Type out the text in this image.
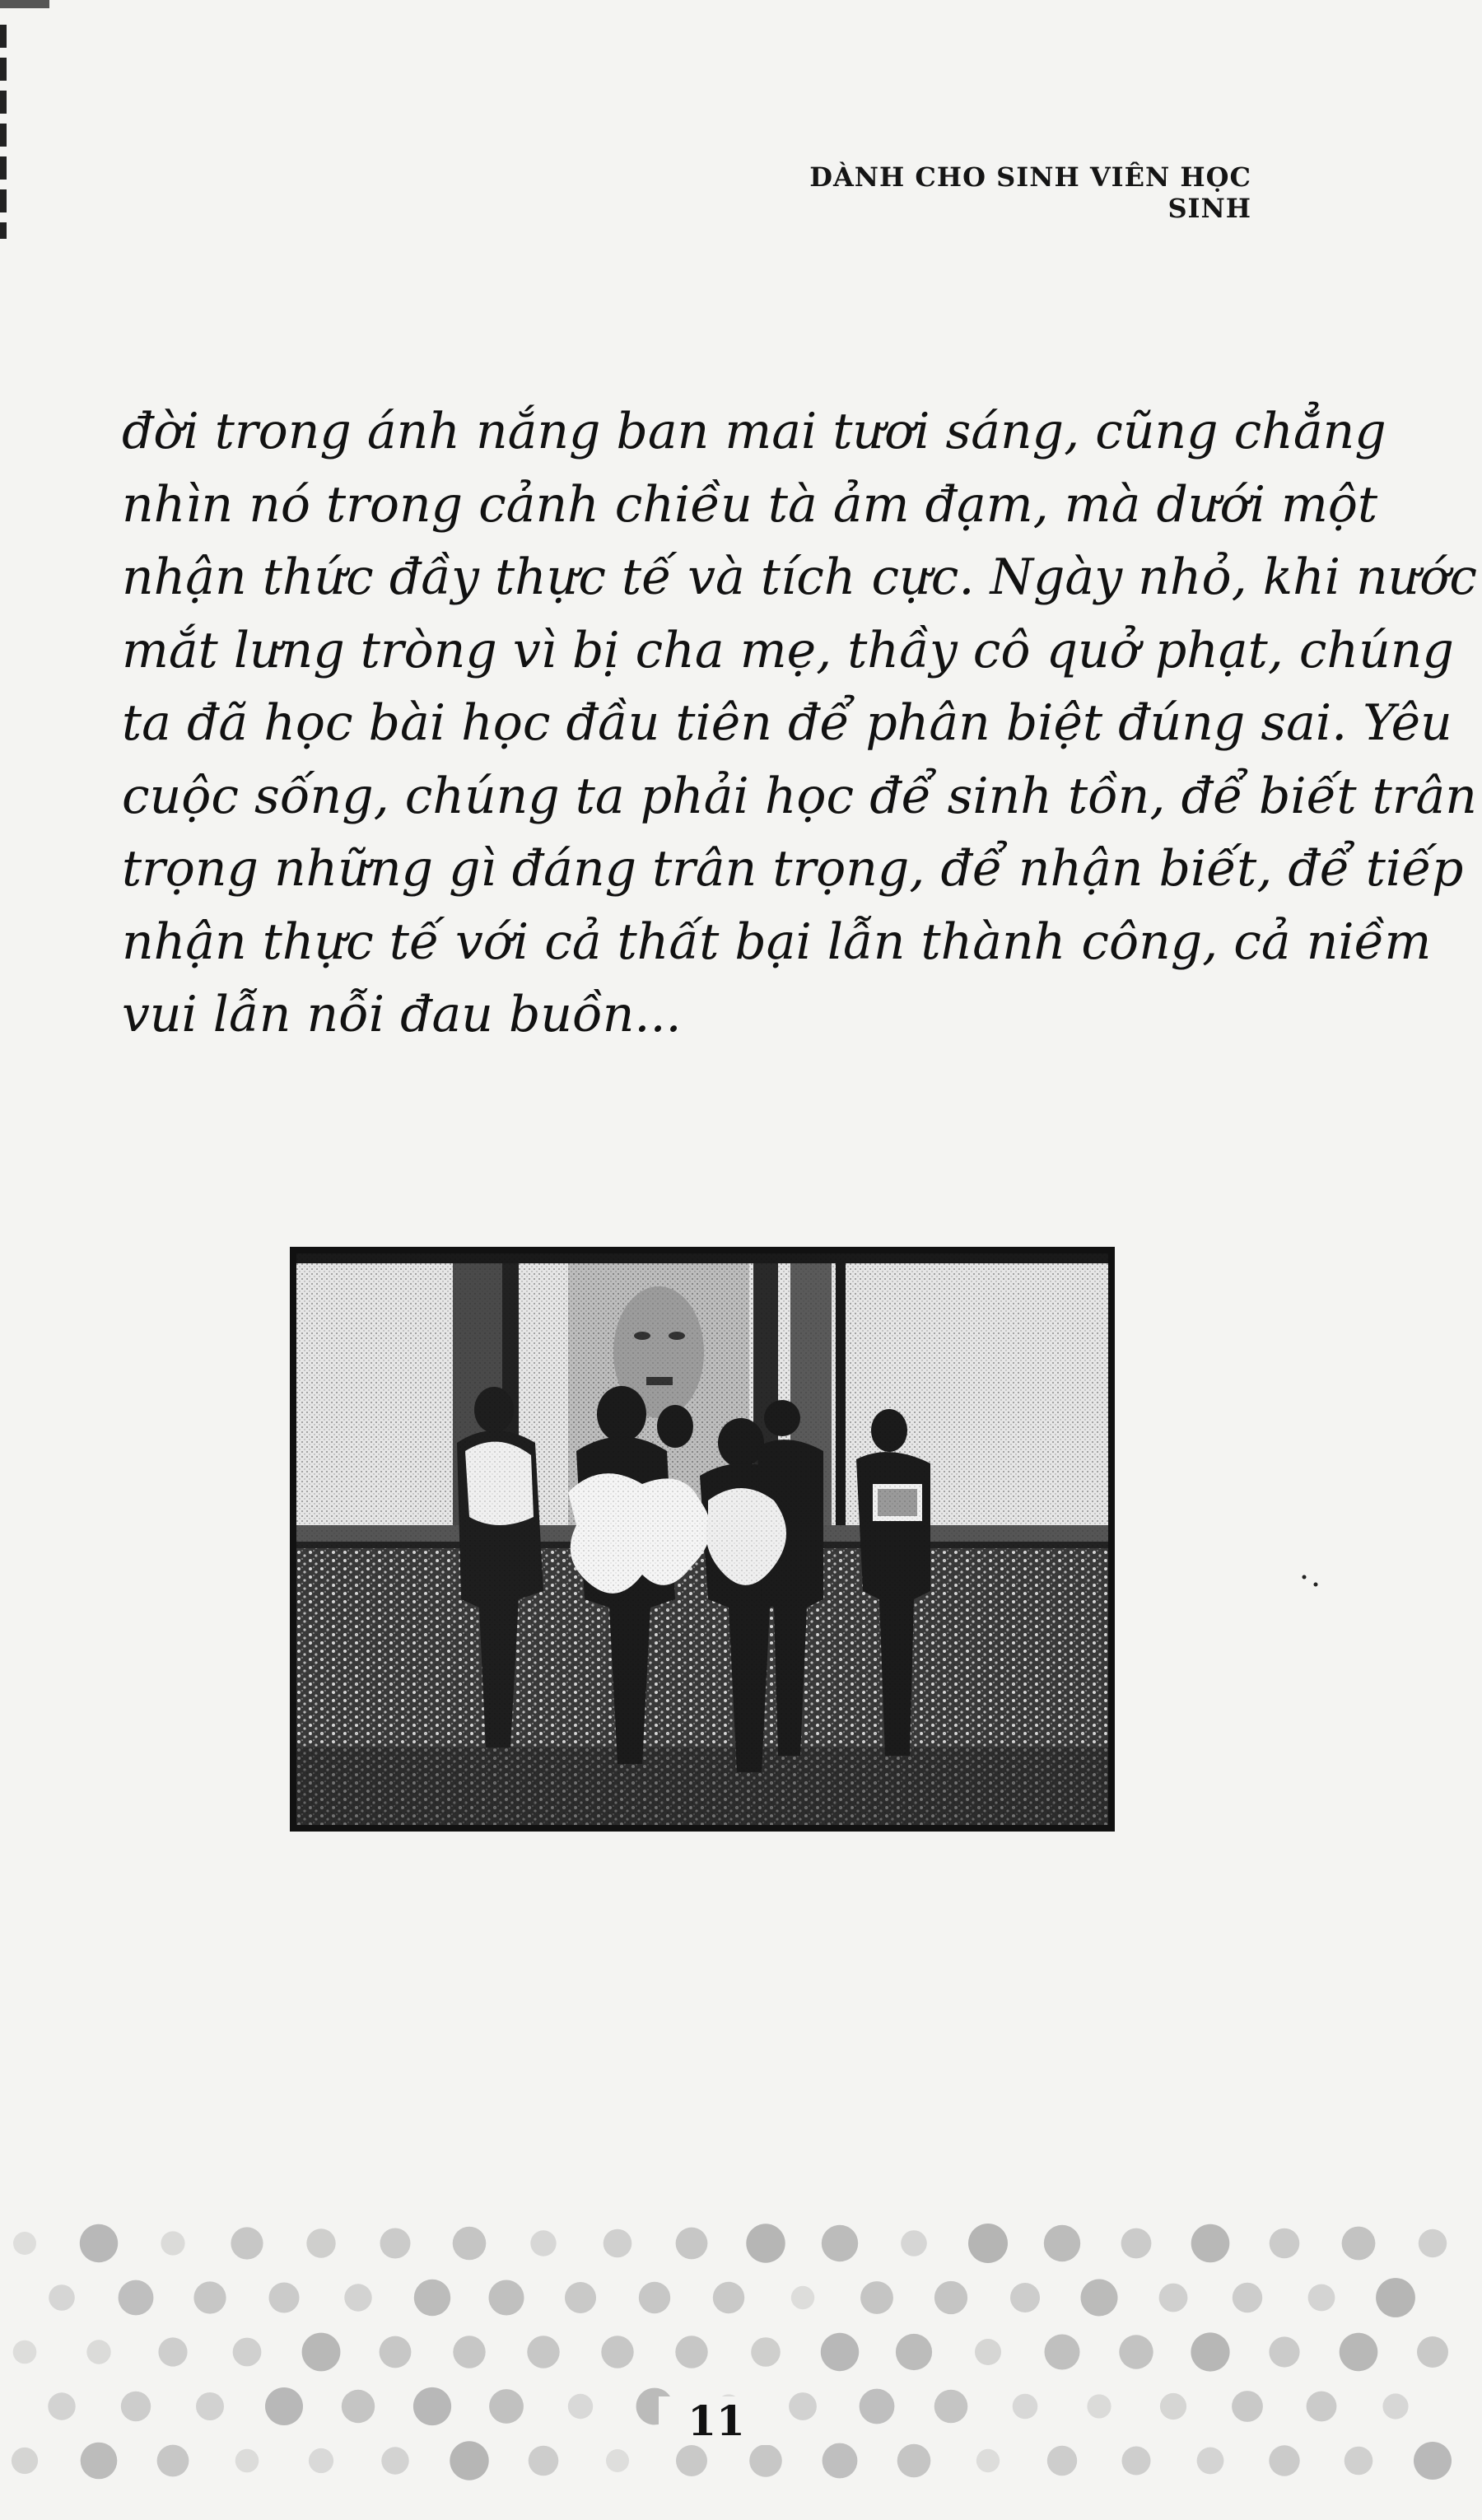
DÀNH CHO SINH VIÊN HỌC SINH
đời trong ánh nắng ban mai tươi sáng, cũng chẳng
nhìn nó trong cảnh chiều tà ảm đạm, mà dưới một
nhận thức đầy thực tế và tích cực. Ngày nhỏ, khi nước
mắt lưng tròng vì bị cha mẹ, thầy cô quở phạt, chúng
ta đã học bài học đầu tiên để phân biệt đúng sai. Yêu
cuộc sống, chúng ta phải học để sinh tồn, để biết trân
trọng những gì đáng trân trọng, để nhận biết, để tiếp
nhận thực tế với cả thất bại lẫn thành công, cả niềm
vui lẫn nỗi đau buồn...
11
